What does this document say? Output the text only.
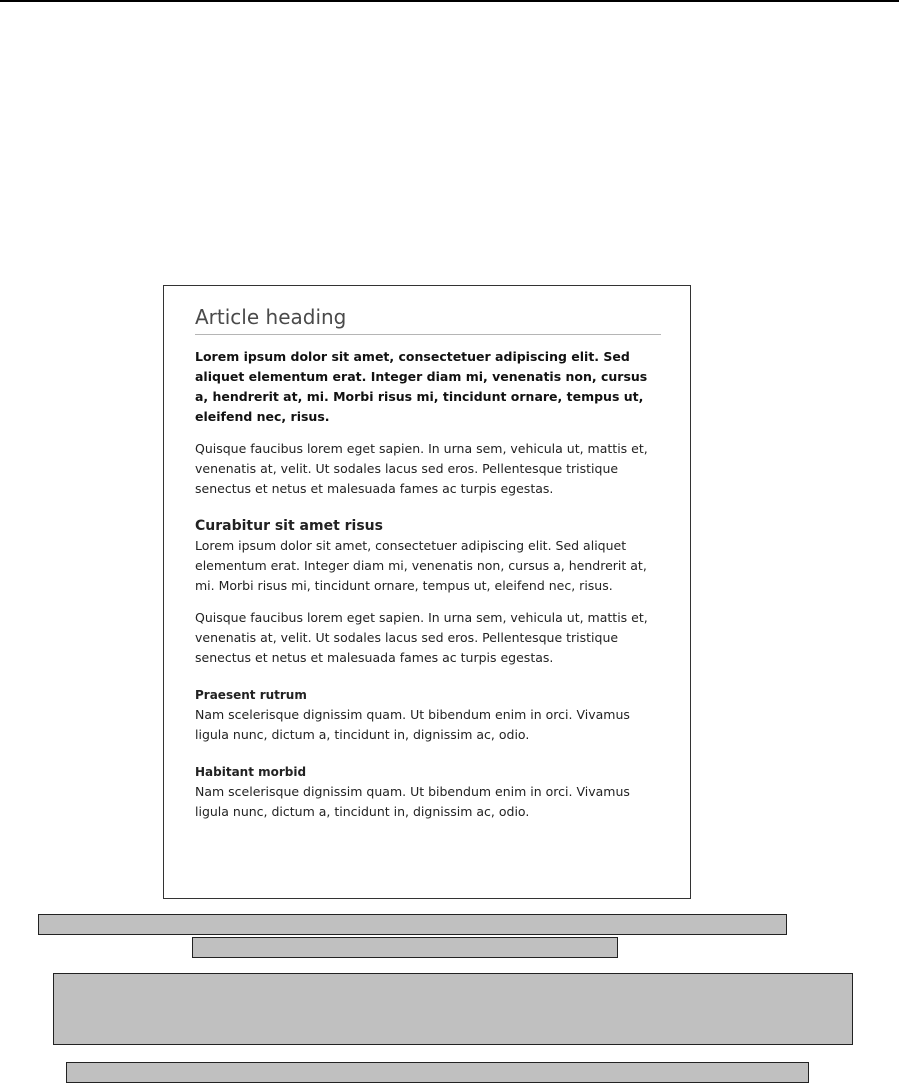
Article heading

Lorem ipsum dolor sit amet, consectetuer adipiscing elit. Sed aliquet elementum erat. Integer diam mi, venenatis non, cursus a, hendrerit at, mi. Morbi risus mi, tincidunt ornare, tempus ut, eleifend nec, risus.

Quisque faucibus lorem eget sapien. In urna sem, vehicula ut, mattis et, venenatis at, velit. Ut sodales lacus sed eros. Pellentesque tristique senectus et netus et malesuada fames ac turpis egestas.

Curabitur sit amet risus

Lorem ipsum dolor sit amet, consectetuer adipiscing elit. Sed aliquet elementum erat. Integer diam mi, venenatis non, cursus a, hendrerit at, mi. Morbi risus mi, tincidunt ornare, tempus ut, eleifend nec, risus.

Quisque faucibus lorem eget sapien. In urna sem, vehicula ut, mattis et, venenatis at, velit. Ut sodales lacus sed eros. Pellentesque tristique senectus et netus et malesuada fames ac turpis egestas.

Praesent rutrum

Nam scelerisque dignissim quam. Ut bibendum enim in orci. Vivamus ligula nunc, dictum a, tincidunt in, dignissim ac, odio.

Habitant morbid

Nam scelerisque dignissim quam. Ut bibendum enim in orci. Vivamus ligula nunc, dictum a, tincidunt in, dignissim ac, odio.
